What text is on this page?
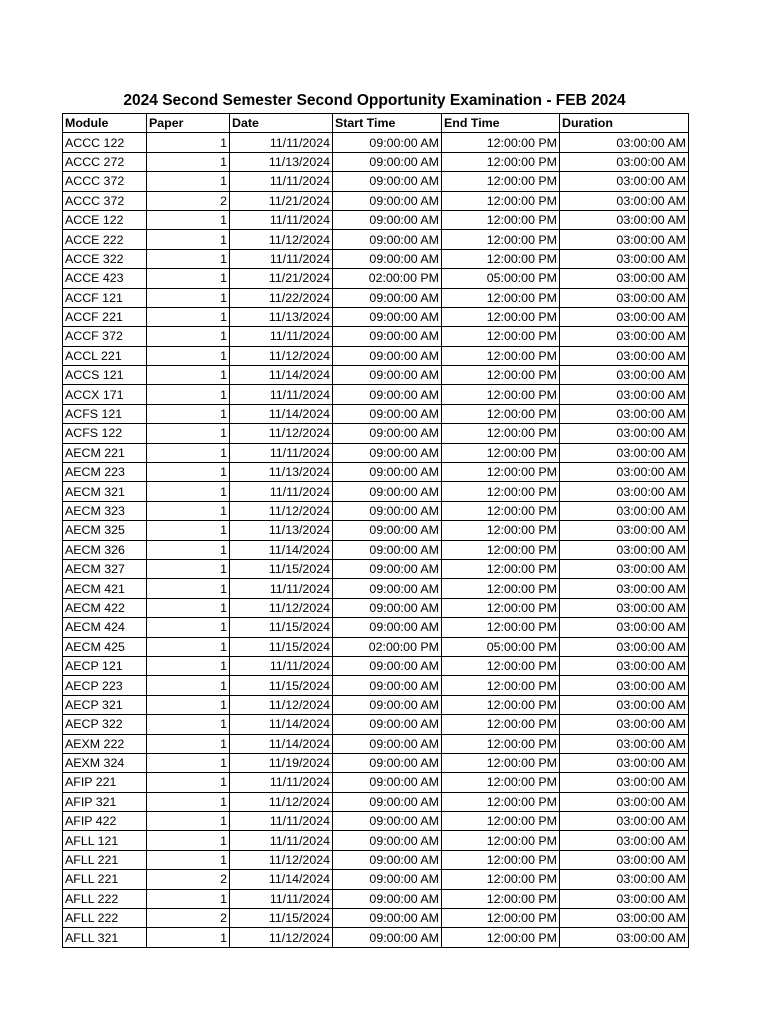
2024 Second Semester Second Opportunity Examination - FEB 2024
Module	Paper	Date	Start Time	End Time	Duration
ACCC 122	1	11/11/2024	09:00:00 AM	12:00:00 PM	03:00:00 AM
ACCC 272	1	11/13/2024	09:00:00 AM	12:00:00 PM	03:00:00 AM
ACCC 372	1	11/11/2024	09:00:00 AM	12:00:00 PM	03:00:00 AM
ACCC 372	2	11/21/2024	09:00:00 AM	12:00:00 PM	03:00:00 AM
ACCE 122	1	11/11/2024	09:00:00 AM	12:00:00 PM	03:00:00 AM
ACCE 222	1	11/12/2024	09:00:00 AM	12:00:00 PM	03:00:00 AM
ACCE 322	1	11/11/2024	09:00:00 AM	12:00:00 PM	03:00:00 AM
ACCE 423	1	11/21/2024	02:00:00 PM	05:00:00 PM	03:00:00 AM
ACCF 121	1	11/22/2024	09:00:00 AM	12:00:00 PM	03:00:00 AM
ACCF 221	1	11/13/2024	09:00:00 AM	12:00:00 PM	03:00:00 AM
ACCF 372	1	11/11/2024	09:00:00 AM	12:00:00 PM	03:00:00 AM
ACCL 221	1	11/12/2024	09:00:00 AM	12:00:00 PM	03:00:00 AM
ACCS 121	1	11/14/2024	09:00:00 AM	12:00:00 PM	03:00:00 AM
ACCX 171	1	11/11/2024	09:00:00 AM	12:00:00 PM	03:00:00 AM
ACFS 121	1	11/14/2024	09:00:00 AM	12:00:00 PM	03:00:00 AM
ACFS 122	1	11/12/2024	09:00:00 AM	12:00:00 PM	03:00:00 AM
AECM 221	1	11/11/2024	09:00:00 AM	12:00:00 PM	03:00:00 AM
AECM 223	1	11/13/2024	09:00:00 AM	12:00:00 PM	03:00:00 AM
AECM 321	1	11/11/2024	09:00:00 AM	12:00:00 PM	03:00:00 AM
AECM 323	1	11/12/2024	09:00:00 AM	12:00:00 PM	03:00:00 AM
AECM 325	1	11/13/2024	09:00:00 AM	12:00:00 PM	03:00:00 AM
AECM 326	1	11/14/2024	09:00:00 AM	12:00:00 PM	03:00:00 AM
AECM 327	1	11/15/2024	09:00:00 AM	12:00:00 PM	03:00:00 AM
AECM 421	1	11/11/2024	09:00:00 AM	12:00:00 PM	03:00:00 AM
AECM 422	1	11/12/2024	09:00:00 AM	12:00:00 PM	03:00:00 AM
AECM 424	1	11/15/2024	09:00:00 AM	12:00:00 PM	03:00:00 AM
AECM 425	1	11/15/2024	02:00:00 PM	05:00:00 PM	03:00:00 AM
AECP 121	1	11/11/2024	09:00:00 AM	12:00:00 PM	03:00:00 AM
AECP 223	1	11/15/2024	09:00:00 AM	12:00:00 PM	03:00:00 AM
AECP 321	1	11/12/2024	09:00:00 AM	12:00:00 PM	03:00:00 AM
AECP 322	1	11/14/2024	09:00:00 AM	12:00:00 PM	03:00:00 AM
AEXM 222	1	11/14/2024	09:00:00 AM	12:00:00 PM	03:00:00 AM
AEXM 324	1	11/19/2024	09:00:00 AM	12:00:00 PM	03:00:00 AM
AFIP 221	1	11/11/2024	09:00:00 AM	12:00:00 PM	03:00:00 AM
AFIP 321	1	11/12/2024	09:00:00 AM	12:00:00 PM	03:00:00 AM
AFIP 422	1	11/11/2024	09:00:00 AM	12:00:00 PM	03:00:00 AM
AFLL 121	1	11/11/2024	09:00:00 AM	12:00:00 PM	03:00:00 AM
AFLL 221	1	11/12/2024	09:00:00 AM	12:00:00 PM	03:00:00 AM
AFLL 221	2	11/14/2024	09:00:00 AM	12:00:00 PM	03:00:00 AM
AFLL 222	1	11/11/2024	09:00:00 AM	12:00:00 PM	03:00:00 AM
AFLL 222	2	11/15/2024	09:00:00 AM	12:00:00 PM	03:00:00 AM
AFLL 321	1	11/12/2024	09:00:00 AM	12:00:00 PM	03:00:00 AM
